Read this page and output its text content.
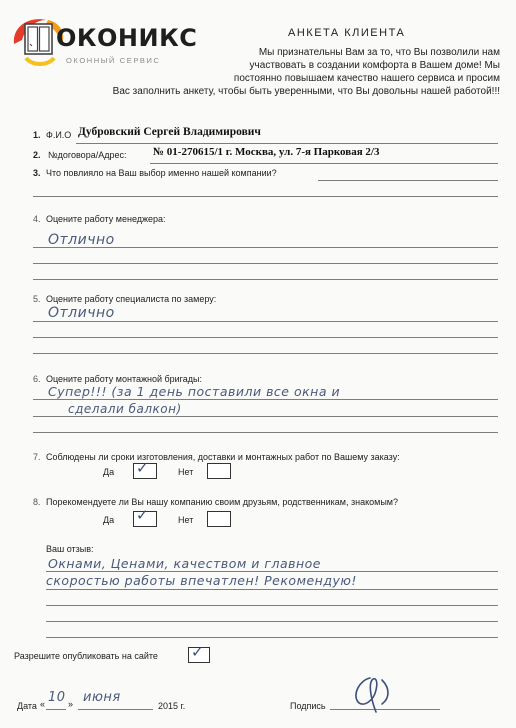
ОКОНИКС
ОКОННЫЙ СЕРВИС
АНКЕТА КЛИЕНТА
Мы признательны Вам за то, что Вы позволили нам
участвовать в создании комфорта в Вашем доме! Мы
постоянно повышаем качество нашего сервиса и просим
Вас заполнить анкету, чтобы быть уверенными, что Вы довольны нашей работой!!!
1. Ф.И.О Дубровский Сергей Владимирович
2. №договора/Адрес: № 01-270615/1 г. Москва, ул. 7-я Парковая 2/3
3. Что повлияло на Ваш выбор именно нашей компании?
4. Оцените работу менеджера:
Отлично
5. Оцените работу специалиста по замеру:
Отлично
6. Оцените работу монтажной бригады:
Супер!!! (за 1 день поставили все окна и
сделали балкон)
7. Соблюдены ли сроки изготовления, доставки и монтажных работ по Вашему заказу:
Да ✓	Нет
8. Порекомендуете ли Вы нашу компанию своим друзьям, родственникам, знакомым?
Да ✓	Нет
Ваш отзыв:
Окнами, Ценами, качеством и главное
скоростью работы впечатлен! Рекомендую!
Разрешите опубликовать на сайте ✓
Дата « 10 » июня
2015 г.	Подпись
